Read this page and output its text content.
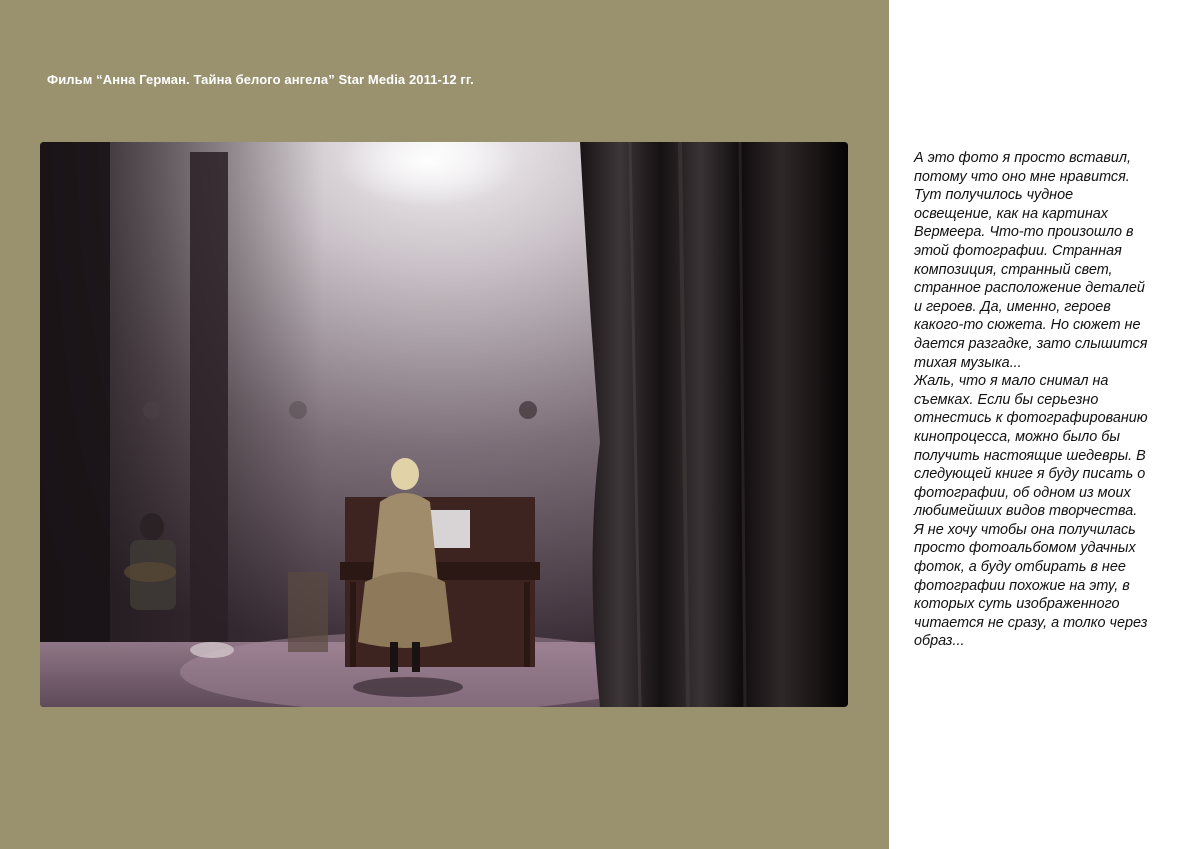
Фильм “Анна Герман. Тайна белого ангела” Star Media 2011-12 гг.

А это фото я просто вставил,
потому что оно мне нравится.
Тут получилось чудное
освещение, как на картинах
Вермеера. Что-то произошло в
этой фотографии. Странная
композиция, странный свет,
странное расположение деталей
и героев. Да, именно, героев
какого-то сюжета. Но сюжет не
дается разгадке, зато слышится
тихая музыка...
Жаль, что я мало снимал на
съемках. Если бы серьезно
отнестись к фотографированию
кинопроцесса, можно было бы
получить настоящие шедевры. В
следующей книге я буду писать о
фотографии, об одном из моих
любимейших видов творчества.
Я не хочу чтобы она получилась
просто фотоальбомом удачных
фоток, а буду отбирать в нее
фотографии похожие на эту, в
которых суть изображенного
читается не сразу, а толко через
образ...
